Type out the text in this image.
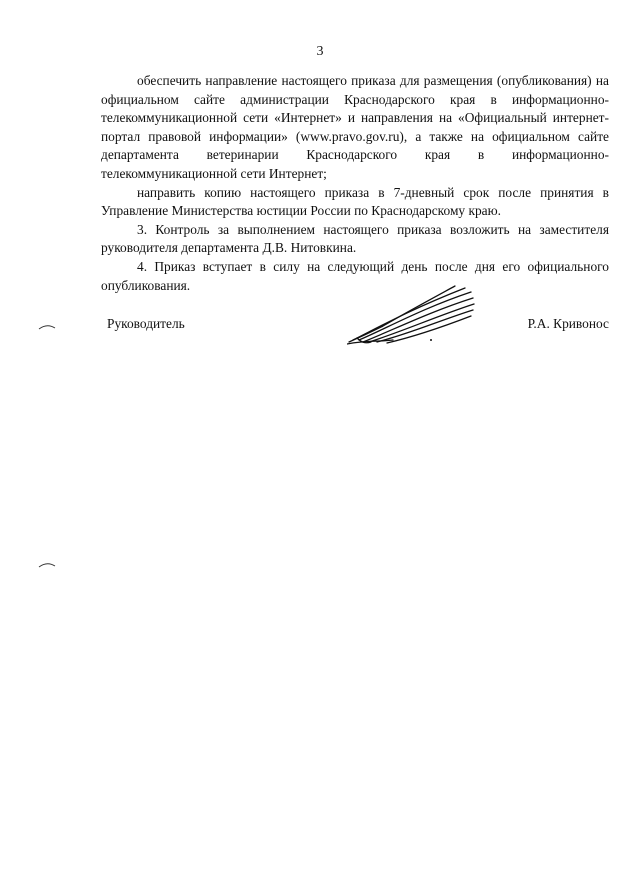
3

обеспечить направление настоящего приказа для размещения (опубликования) на официальном сайте администрации Краснодарского края в информационно-телекоммуникационной сети «Интернет» и направления на «Официальный интернет-портал правовой информации» (www.pravo.gov.ru), а также на официальном сайте департамента ветеринарии Краснодарского края в информационно-телекоммуникационной сети Интернет;

направить копию настоящего приказа в 7-дневный срок после принятия в Управление Министерства юстиции России по Краснодарскому краю.

3. Контроль за выполнением настоящего приказа возложить на заместителя руководителя департамента Д.В. Нитовкина.

4. Приказ вступает в силу на следующий день после дня его официального опубликования.

Руководитель	Р.А. Кривонос
